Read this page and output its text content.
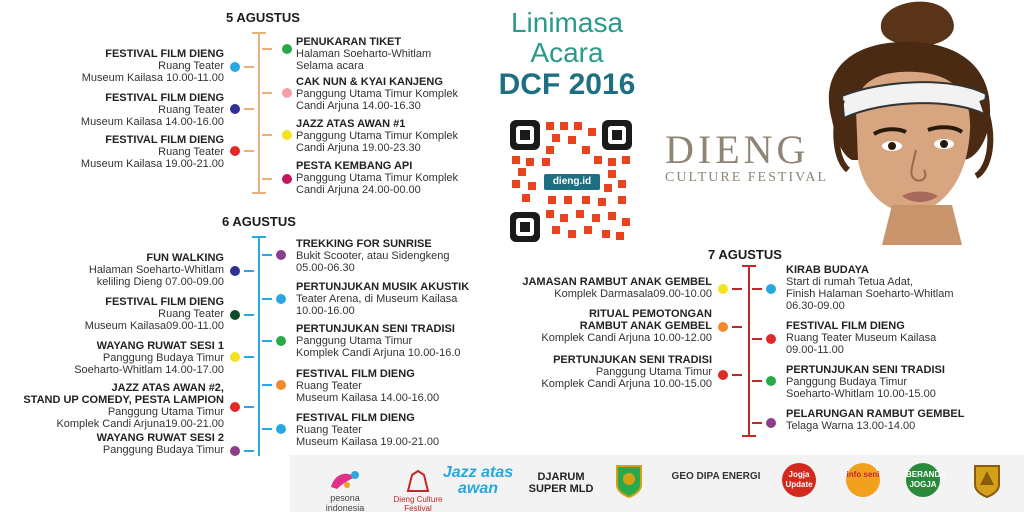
5 AGUSTUS
6 AGUSTUS
7 AGUSTUS
FESTIVAL FILM DIENG
Ruang Teater
Museum Kailasa 10.00-11.00
FESTIVAL FILM DIENG
Ruang Teater
Museum Kailasa 14.00-16.00
FESTIVAL FILM DIENG
Ruang Teater
Museum Kailasa 19.00-21.00
PENUKARAN TIKET
Halaman Soeharto-Whitlam
Selama acara
CAK NUN & KYAI KANJENG
Panggung Utama Timur Komplek
Candi Arjuna 14.00-16.30
JAZZ ATAS AWAN #1
Panggung Utama Timur Komplek
Candi Arjuna 19.00-23.30
PESTA KEMBANG API
Panggung Utama Timur Komplek
Candi Arjuna 24.00-00.00
FUN WALKING
Halaman Soeharto-Whitlam
keliling Dieng 07.00-09.00
FESTIVAL FILM DIENG
Ruang Teater
Museum Kailasa09.00-11.00
WAYANG RUWAT SESI 1
Panggung Budaya Timur
Soeharto-Whitlam 14.00-17.00
JAZZ ATAS AWAN #2,
STAND UP COMEDY, PESTA LAMPION
Panggung Utama Timur
Komplek Candi Arjuna19.00-21.00
WAYANG RUWAT SESI 2
Panggung Budaya Timur
TREKKING FOR SUNRISE
Bukit Scooter, atau Sidengkeng
05.00-06.30
PERTUNJUKAN MUSIK AKUSTIK
Teater Arena, di Museum Kailasa
10.00-16.00
PERTUNJUKAN SENI TRADISI
Panggung Utama Timur
Komplek Candi Arjuna 10.00-16.0
FESTIVAL FILM DIENG
Ruang Teater
Museum Kailasa 14.00-16.00
FESTIVAL FILM DIENG
Ruang Teater
Museum Kailasa 19.00-21.00
Linimasa
Acara
DCF 2016
dieng.id
DIENG
CULTURE FESTIVAL
JAMASAN RAMBUT ANAK GEMBEL
Komplek Darmasala09.00-10.00
RITUAL PEMOTONGAN
RAMBUT ANAK GEMBEL
Komplek Candi Arjuna 10.00-12.00
PERTUNJUKAN SENI TRADISI
Panggung Utama Timur
Komplek Candi Arjuna 10.00-15.00
KIRAB BUDAYA
Start di rumah Tetua Adat,
Finish Halaman Soeharto-Whitlam
06.30-09.00
FESTIVAL FILM DIENG
Ruang Teater Museum Kailasa
09.00-11.00
PERTUNJUKAN SENI TRADISI
Panggung Budaya Timur
Soeharto-Whitlam 10.00-15.00
PELARUNGAN RAMBUT GEMBEL
Telaga Warna 13.00-14.00
pesona indonesia
Dieng Culture Festival
Jazz atas awan
DJARUM SUPER MLD
GEO DIPA ENERGI	Jogja Update
info seni	BERANDA JOGJA
